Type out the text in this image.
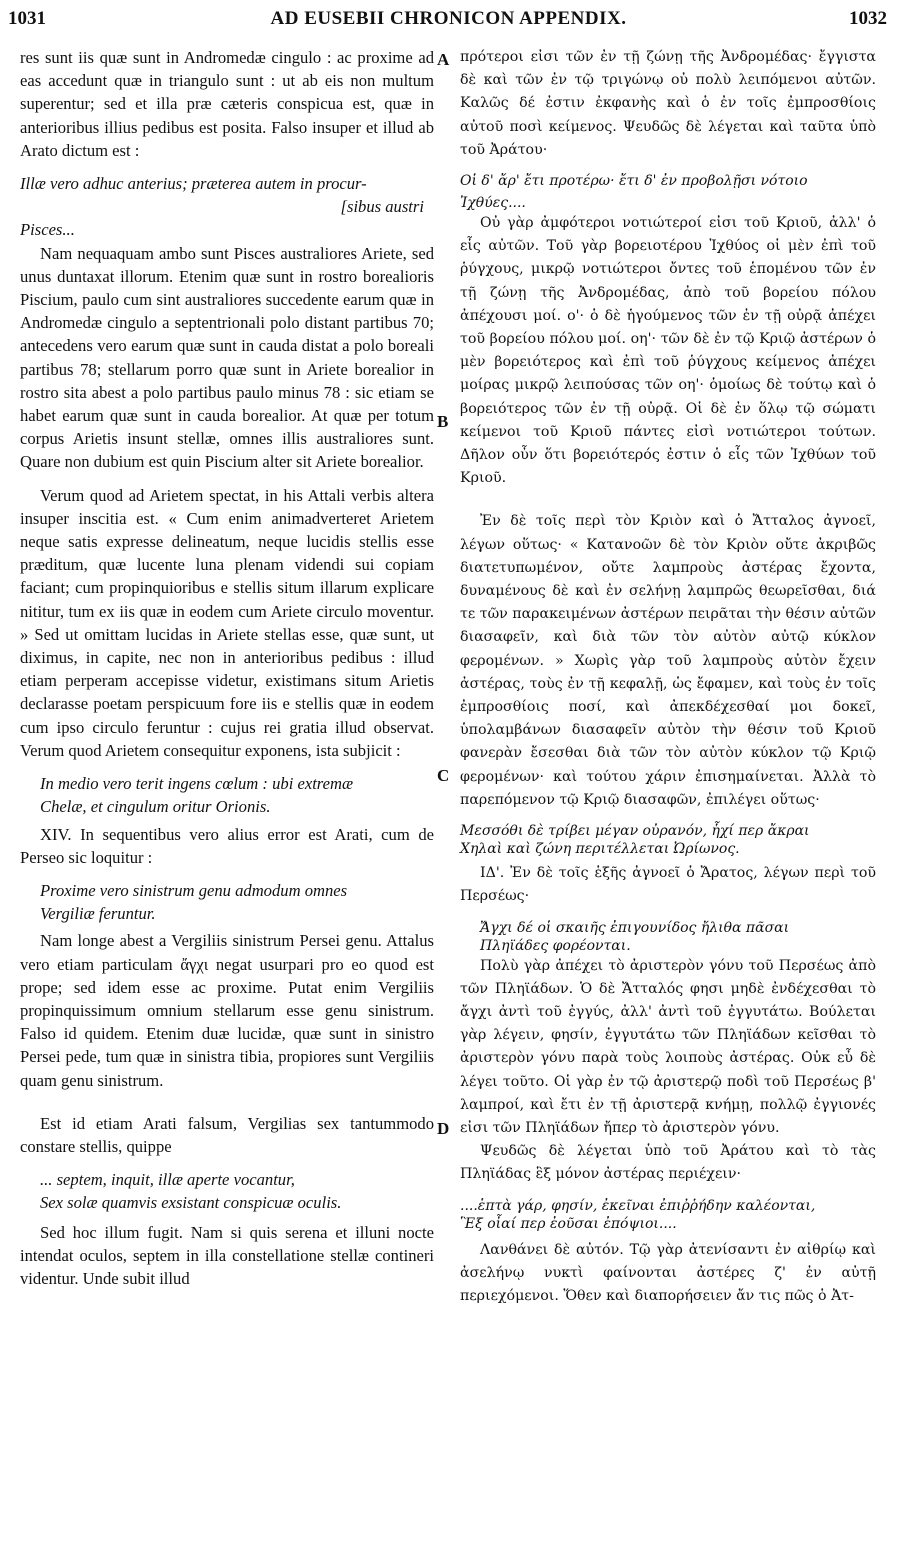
1031	AD EUSEBII CHRONICON APPENDIX.	1032
A
B
C
D

res sunt iis quæ sunt in Andromedæ cingulo : ac proxime ad eas accedunt quæ in triangulo sunt : ut ab eis non multum superentur; sed et illa præ cæteris conspicua est, quæ in anterioribus illius pedibus est posita. Falso insuper et illud ab Arato dictum est :

Illæ vero adhuc anterius; præterea autem in procur-

[sibus austri

Pisces...

Nam nequaquam ambo sunt Pisces australiores Ariete, sed unus duntaxat illorum. Etenim quæ sunt in rostro borealioris Piscium, paulo cum sint australiores succedente earum quæ in Andromedæ cingulo a septentrionali polo distant partibus 70; antecedens vero earum quæ sunt in cauda distat a polo boreali partibus 78; stellarum porro quæ sunt in Ariete borealior in rostro sita abest a polo partibus paulo minus 78 : sic etiam se habet earum quæ sunt in cauda borealior. At quæ per totum corpus Arietis insunt stellæ, omnes illis australiores sunt. Quare non dubium est quin Piscium alter sit Ariete borealior.

Verum quod ad Arietem spectat, in his Attali verbis altera insuper inscitia est. « Cum enim animadverteret Arietem neque satis expresse delineatum, neque lucidis stellis esse præditum, quæ lucente luna plenam videndi sui copiam faciant; cum propinquioribus e stellis situm illarum explicare nititur, tum ex iis quæ in eodem cum Ariete circulo moventur. » Sed ut omittam lucidas in Ariete stellas esse, quæ sunt, ut diximus, in capite, nec non in anterioribus pedibus : illud etiam perperam accepisse videtur, existimans situm Arietis declarasse poetam perspicuum fore iis e stellis quæ in eodem cum ipso circulo feruntur : cujus rei gratia illud observat. Verum quod Arietem consequitur exponens, ista subjicit :

In medio vero terit ingens cœlum : ubi extremæ

Chelæ, et cingulum oritur Orionis.

XIV. In sequentibus vero alius error est Arati, cum de Perseo sic loquitur :

Proxime vero sinistrum genu admodum omnes

Vergiliæ feruntur.

Nam longe abest a Vergiliis sinistrum Persei genu. Attalus vero etiam particulam ἄγχι negat usurpari pro eo quod est prope; sed idem esse ac proxime. Putat enim Vergiliis propinquissimum omnium stellarum esse genu sinistrum. Falso id quidem. Etenim duæ lucidæ, quæ sunt in sinistro Persei pede, tum quæ in sinistra tibia, propiores sunt Vergiliis quam genu sinistrum.

Est id etiam Arati falsum, Vergilias sex tantummodo constare stellis, quippe

... septem, inquit, illæ aperte vocantur,

Sex solæ quamvis exsistant conspicuæ oculis.

Sed hoc illum fugit. Nam si quis serena et illuni nocte intendat oculos, septem in illa constellatione stellæ contineri videntur. Unde subit illud

πρότεροι εἰσι τῶν ἐν τῇ ζώνῃ τῆς Ἀνδρομέδας· ἔγγιστα δὲ καὶ τῶν ἐν τῷ τριγώνῳ οὐ πολὺ λειπόμενοι αὐτῶν. Καλῶς δέ ἐστιν ἐκφανὴς καὶ ὁ ἐν τοῖς ἐμπροσθίοις αὐτοῦ ποσὶ κείμενος. Ψευδῶς δὲ λέγεται καὶ ταῦτα ὑπὸ τοῦ Ἀράτου·

Οἱ δ' ἄρ' ἔτι προτέρω· ἔτι δ' ἐν προβολῇσι νότοιο

Ἰχθύες....

Οὐ γὰρ ἀμφότεροι νοτιώτεροί εἰσι τοῦ Κριοῦ, ἀλλ' ὁ εἷς αὐτῶν. Τοῦ γὰρ βορειοτέρου Ἰχθύος οἱ μὲν ἐπὶ τοῦ ῥύγχους, μικρῷ νοτιώτεροι ὄντες τοῦ ἑπομένου τῶν ἐν τῇ ζώνῃ τῆς Ἀνδρομέδας, ἀπὸ τοῦ βορείου πόλου ἀπέχουσι μοί. ο'· ὁ δὲ ἡγούμενος τῶν ἐν τῇ οὐρᾷ ἀπέχει τοῦ βορείου πόλου μοί. οη'· τῶν δὲ ἐν τῷ Κριῷ ἀστέρων ὁ μὲν βορειότερος καὶ ἐπὶ τοῦ ῥύγχους κείμενος ἀπέχει μοίρας μικρῷ λειπούσας τῶν οη'· ὁμοίως δὲ τούτῳ καὶ ὁ βορειότερος τῶν ἐν τῇ οὐρᾷ. Οἱ δὲ ἐν ὅλῳ τῷ σώματι κείμενοι τοῦ Κριοῦ πάντες εἰσὶ νοτιώτεροι τούτων. Δῆλον οὖν ὅτι βορειότερός ἐστιν ὁ εἷς τῶν Ἰχθύων τοῦ Κριοῦ.

Ἐν δὲ τοῖς περὶ τὸν Κριὸν καὶ ὁ Ἄτταλος ἀγνοεῖ, λέγων οὕτως· « Κατανοῶν δὲ τὸν Κριὸν οὔτε ἀκριβῶς διατετυπωμένον, οὔτε λαμπροὺς ἀστέρας ἔχοντα, δυναμένους δὲ καὶ ἐν σελήνῃ λαμπρῶς θεωρεῖσθαι, διά τε τῶν παρακειμένων ἀστέρων πειρᾶται τὴν θέσιν αὐτῶν διασαφεῖν, καὶ διὰ τῶν τὸν αὐτὸν αὐτῷ κύκλον φερομένων. » Χωρὶς γὰρ τοῦ λαμπροὺς αὐτὸν ἔχειν ἀστέρας, τοὺς ἐν τῇ κεφαλῇ, ὡς ἔφαμεν, καὶ τοὺς ἐν τοῖς ἐμπροσθίοις ποσί, καὶ ἀπεκδέχεσθαί μοι δοκεῖ, ὑπολαμβάνων διασαφεῖν αὐτὸν τὴν θέσιν τοῦ Κριοῦ φανερὰν ἔσεσθαι διὰ τῶν τὸν αὐτὸν κύκλον τῷ Κριῷ φερομένων· καὶ τούτου χάριν ἐπισημαίνεται. Ἀλλὰ τὸ παρεπόμενον τῷ Κριῷ διασαφῶν, ἐπιλέγει οὕτως·

Μεσσόθι δὲ τρίβει μέγαν οὐρανόν, ἧχί περ ἄκραι

Χηλαὶ καὶ ζώνη περιτέλλεται Ὠρίωνος.

ΙΔ'. Ἐν δὲ τοῖς ἑξῆς ἀγνοεῖ ὁ Ἄρατος, λέγων περὶ τοῦ Περσέως·

Ἄγχι δέ οἱ σκαιῆς ἐπιγουνίδος ἤλιθα πᾶσαι

Πληϊάδες φορέονται.

Πολὺ γὰρ ἀπέχει τὸ ἀριστερὸν γόνυ τοῦ Περσέως ἀπὸ τῶν Πληϊάδων. Ὁ δὲ Ἄτταλός φησι μηδὲ ἐνδέχεσθαι τὸ ἄγχι ἀντὶ τοῦ ἐγγύς, ἀλλ' ἀντὶ τοῦ ἐγγυτάτω. Βούλεται γὰρ λέγειν, φησίν, ἐγγυτάτω τῶν Πληϊάδων κεῖσθαι τὸ ἀριστερὸν γόνυ παρὰ τοὺς λοιποὺς ἀστέρας. Οὐκ εὖ δὲ λέγει τοῦτο. Οἱ γὰρ ἐν τῷ ἀριστερῷ ποδὶ τοῦ Περσέως β' λαμπροί, καὶ ἔτι ἐν τῇ ἀριστερᾷ κνήμῃ, πολλῷ ἐγγιονές εἰσι τῶν Πληϊάδων ἤπερ τὸ ἀριστερὸν γόνυ.

Ψευδῶς δὲ λέγεται ὑπὸ τοῦ Ἀράτου καὶ τὸ τὰς Πληϊάδας ἓξ μόνον ἀστέρας περιέχειν·

....ἑπτὰ γάρ, φησίν, ἐκεῖναι ἐπιῤῥήδην καλέονται,

Ἓξ οἶαί περ ἐοῦσαι ἐπόψιοι....

Λανθάνει δὲ αὐτόν. Τῷ γὰρ ἀτενίσαντι ἐν αἰθρίῳ καὶ ἀσελήνῳ νυκτὶ φαίνονται ἀστέρες ζ' ἐν αὐτῇ περιεχόμενοι. Ὅθεν καὶ διαπορήσειεν ἄν τις πῶς ὁ Ἀτ-
